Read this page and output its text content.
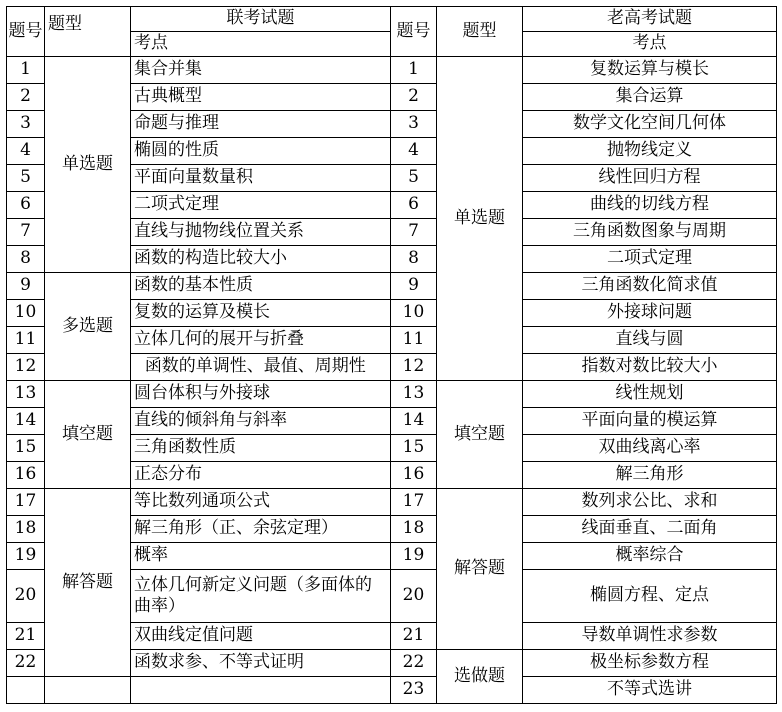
题号	题型	联考试题	题号	题型	老高考试题
		考点			考点
1	单选题	集合并集	1	单选题	复数运算与模长
2		古典概型	2		集合运算
3		命题与推理	3		数学文化空间几何体
4		椭圆的性质	4		抛物线定义
5		平面向量数量积	5		线性回归方程
6		二项式定理	6		曲线的切线方程
7		直线与抛物线位置关系	7		三角函数图象与周期
8		函数的构造比较大小	8		二项式定理
9	多选题	函数的基本性质	9		三角函数化简求值
10		复数的运算及模长	10		外接球问题
11		立体几何的展开与折叠	11		直线与圆
12		函数的单调性、最值、周期性	12		指数对数比较大小
13	填空题	圆台体积与外接球	13	填空题	线性规划
14		直线的倾斜角与斜率	14		平面向量的模运算
15		三角函数性质	15		双曲线离心率
16		正态分布	16		解三角形
17	解答题	等比数列通项公式	17	解答题	数列求公比、求和
18		解三角形（正、余弦定理）	18		线面垂直、二面角
19		概率	19		概率综合
20		立体几何新定义问题（多面体的曲率）	20		椭圆方程、定点
21		双曲线定值问题	21		导数单调性求参数
22		函数求参、不等式证明	22	选做题	极坐标参数方程
			23		不等式选讲
